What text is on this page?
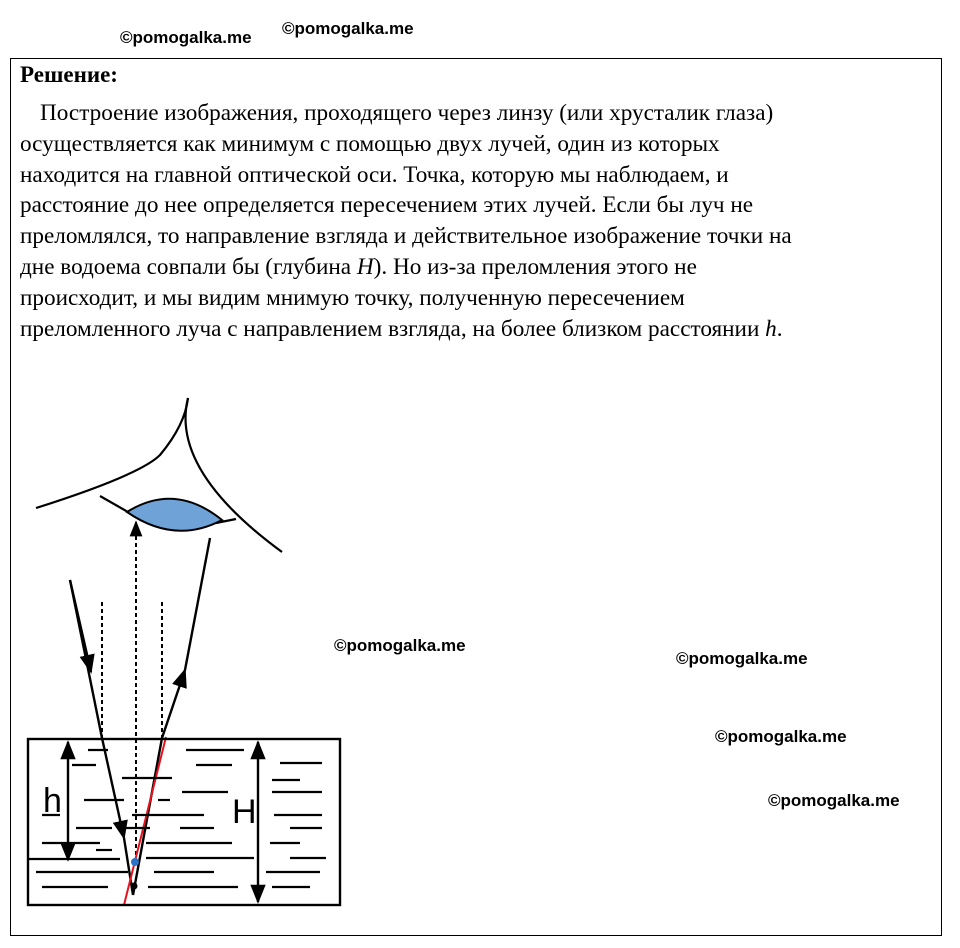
©pomogalka.me ©pomogalka.me
Решение:

Построение изображения, проходящего через линзу (или хрусталик глаза)
осуществляется как минимум с помощью двух лучей, один из которых
находится на главной оптической оси. Точка, которую мы наблюдаем, и
расстояние до нее определяется пересечением этих лучей. Если бы луч не
преломлялся, то направление взгляда и действительное изображение точки на
дне водоема совпали бы (глубина H). Но из-за преломления этого не
происходит, и мы видим мнимую точку, полученную пересечением
преломленного луча с направлением взгляда, на более близком расстоянии h.

h	H
©pomogalka.me
©pomogalka.me
©pomogalka.me
©pomogalka.me
